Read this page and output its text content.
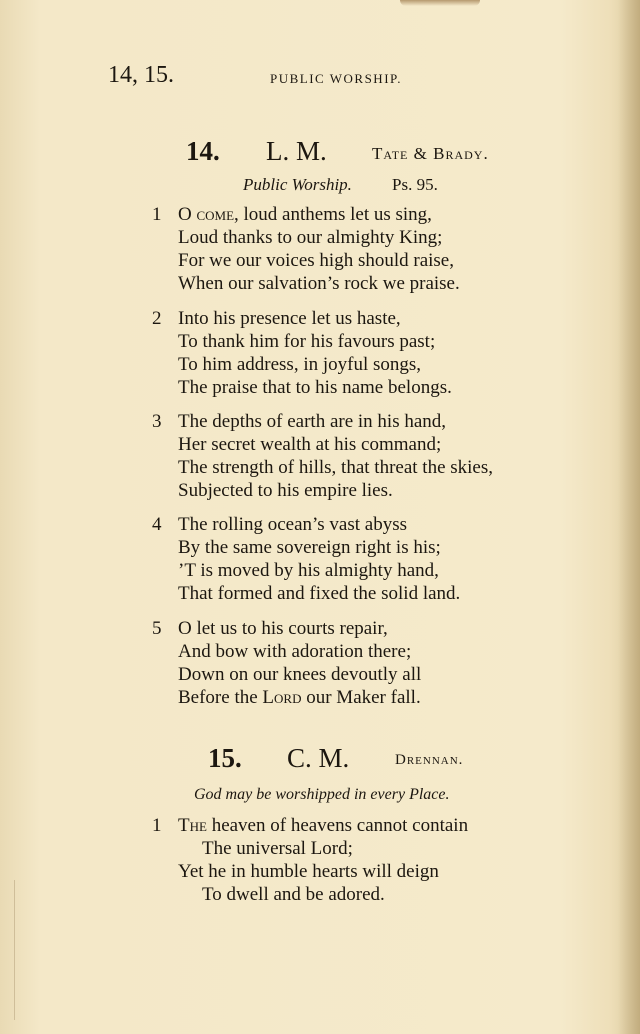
14, 15.	PUBLIC WORSHIP.
14. L. M.	Tate & Brady.
Public Worship. Ps. 95.
1 O come, loud anthems let us sing,
Loud thanks to our almighty King;
For we our voices high should raise,
When our salvation’s rock we praise.
2 Into his presence let us haste,
To thank him for his favours past;
To him address, in joyful songs,
The praise that to his name belongs.
3 The depths of earth are in his hand,
Her secret wealth at his command;
The strength of hills, that threat the skies,
Subjected to his empire lies.
4 The rolling ocean’s vast abyss
By the same sovereign right is his;
’T is moved by his almighty hand,
That formed and fixed the solid land.
5 O let us to his courts repair,
And bow with adoration there;
Down on our knees devoutly all
Before the Lord our Maker fall.
15. C. M.	Drennan.
God may be worshipped in every Place.
1 The heaven of heavens cannot contain
The universal Lord;
Yet he in humble hearts will deign
To dwell and be adored.
